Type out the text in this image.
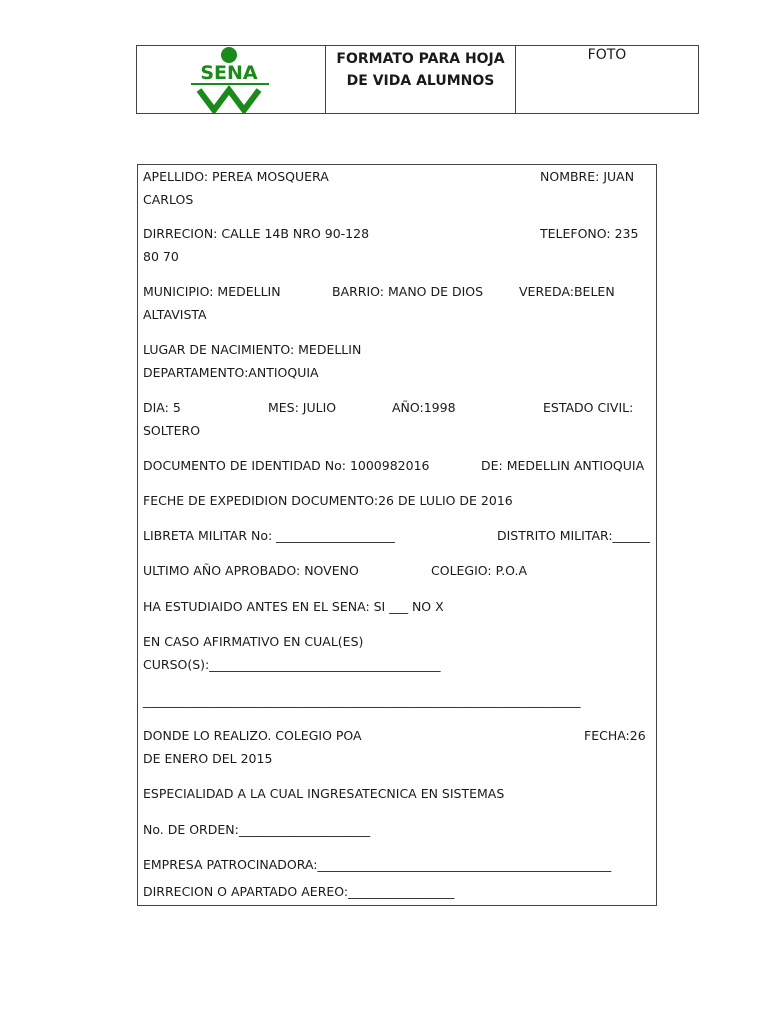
SENA

FORMATO PARA HOJA
DE VIDA ALUMNOS

FOTO
APELLIDO: PEREA MOSQUERA	NOMBRE: JUAN
CARLOS
DIRRECION: CALLE 14B NRO 90-128	TELEFONO: 235
80 70
MUNICIPIO: MEDELLIN	BARRIO: MANO DE DIOS	VEREDA:BELEN
ALTAVISTA
LUGAR DE NACIMIENTO: MEDELLIN
DEPARTAMENTO:ANTIOQUIA
DIA: 5	MES: JULIO	AÑO:1998	ESTADO CIVIL:
SOLTERO
DOCUMENTO DE IDENTIDAD No: 1000982016	DE: MEDELLIN ANTIOQUIA
FECHE DE EXPEDIDION DOCUMENTO:26 DE LULIO DE 2016
LIBRETA MILITAR No: ___________________	DISTRITO MILITAR:______
ULTIMO AÑO APROBADO: NOVENO	COLEGIO: P.O.A
HA ESTUDIAIDO ANTES EN EL SENA: SI ___ NO X
EN CASO AFIRMATIVO EN CUAL(ES)
CURSO(S):_____________________________________
______________________________________________________________________
DONDE LO REALIZO. COLEGIO POA	FECHA:26
DE ENERO DEL 2015
ESPECIALIDAD A LA CUAL INGRESATECNICA EN SISTEMAS
No. DE ORDEN:_____________________
EMPRESA PATROCINADORA:_______________________________________________
DIRRECION O APARTADO AEREO:_________________
